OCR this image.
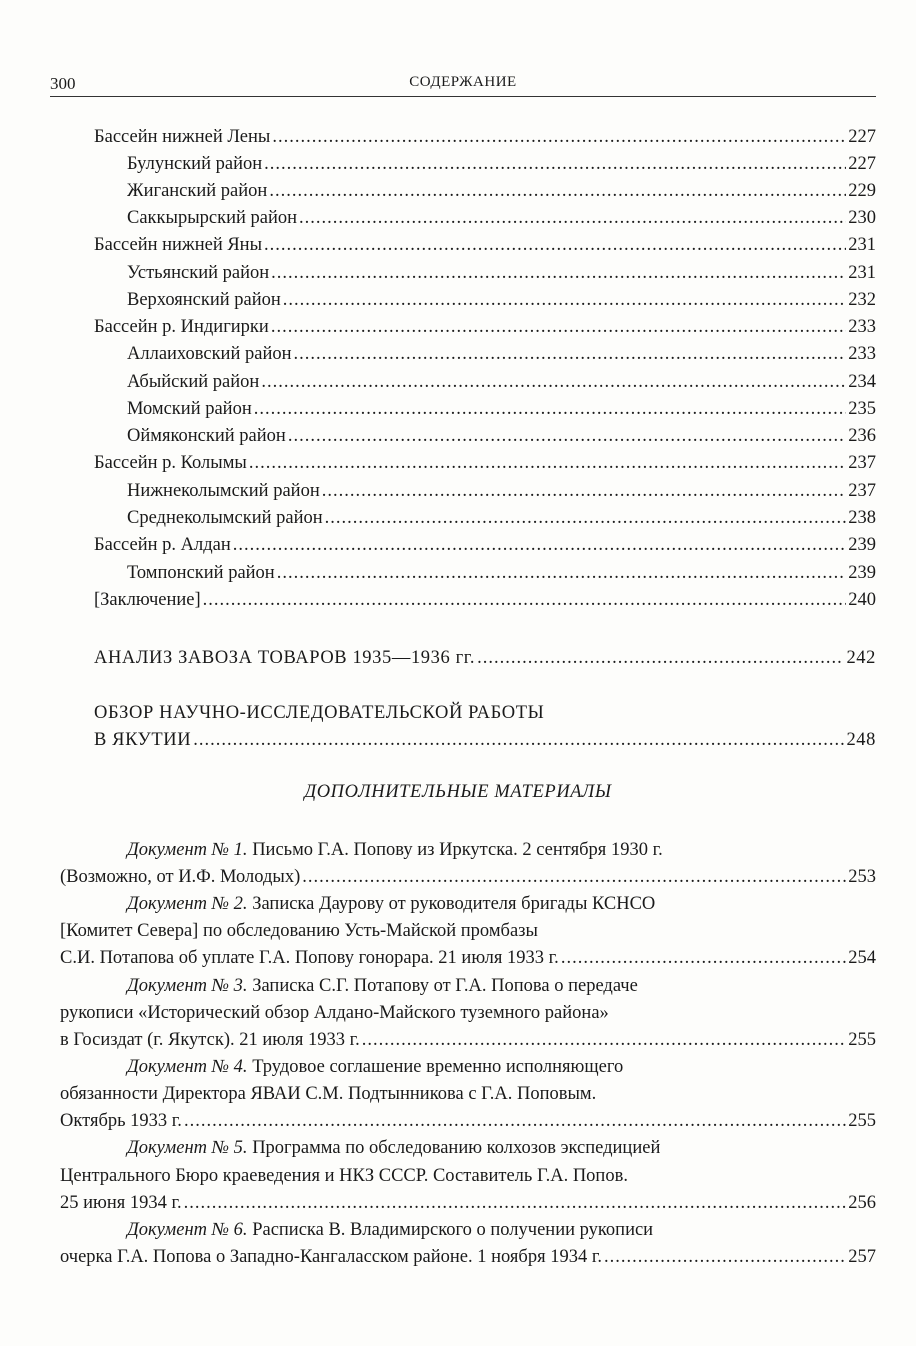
300	СОДЕРЖАНИЕ
Бассейн нижней Лены .....	227
Булунский район .....	227
Жиганский район .....	229
Саккырырский район .....	230
Бассейн нижней Яны .....	231
Устьянский район .....	231
Верхоянский район .....	232
Бассейн р. Индигирки .....	233
Аллаиховский район .....	233
Абыйский район .....	234
Момский район .....	235
Оймяконский район .....	236
Бассейн р. Колымы .....	237
Нижнеколымский район .....	237
Среднеколымский район .....	238
Бассейн р. Алдан .....	239
Томпонский район .....	239
[Заключение] .....	240
АНАЛИЗ ЗАВОЗА ТОВАРОВ 1935—1936 гг. .....	242
ОБЗОР НАУЧНО-ИССЛЕДОВАТЕЛЬСКОЙ РАБОТЫ
В ЯКУТИИ .....	248
ДОПОЛНИТЕЛЬНЫЕ МАТЕРИАЛЫ
Документ № 1. Письмо Г.А. Попову из Иркутска. 2 сентября 1930 г.
(Возможно, от И.Ф. Молодых) .....	253
Документ № 2. Записка Даурову от руководителя бригады КСНСО
[Комитет Севера] по обследованию Усть-Майской промбазы
С.И. Потапова об уплате Г.А. Попову гонорара. 21 июля 1933 г. .....	254
Документ № 3. Записка С.Г. Потапову от Г.А. Попова о передаче
рукописи «Исторический обзор Алдано-Майского туземного района»
в Госиздат (г. Якутск). 21 июля 1933 г. .....	255
Документ № 4. Трудовое соглашение временно исполняющего
обязанности Директора ЯВАИ С.М. Подтынникова с Г.А. Поповым.
Октябрь 1933 г. .....	255
Документ № 5. Программа по обследованию колхозов экспедицией
Центрального Бюро краеведения и НКЗ СССР. Составитель Г.А. Попов.
25 июня 1934 г. .....	256
Документ № 6. Расписка В. Владимирского о получении рукописи
очерка Г.А. Попова о Западно-Кангаласском районе. 1 ноября 1934 г. .....	257
